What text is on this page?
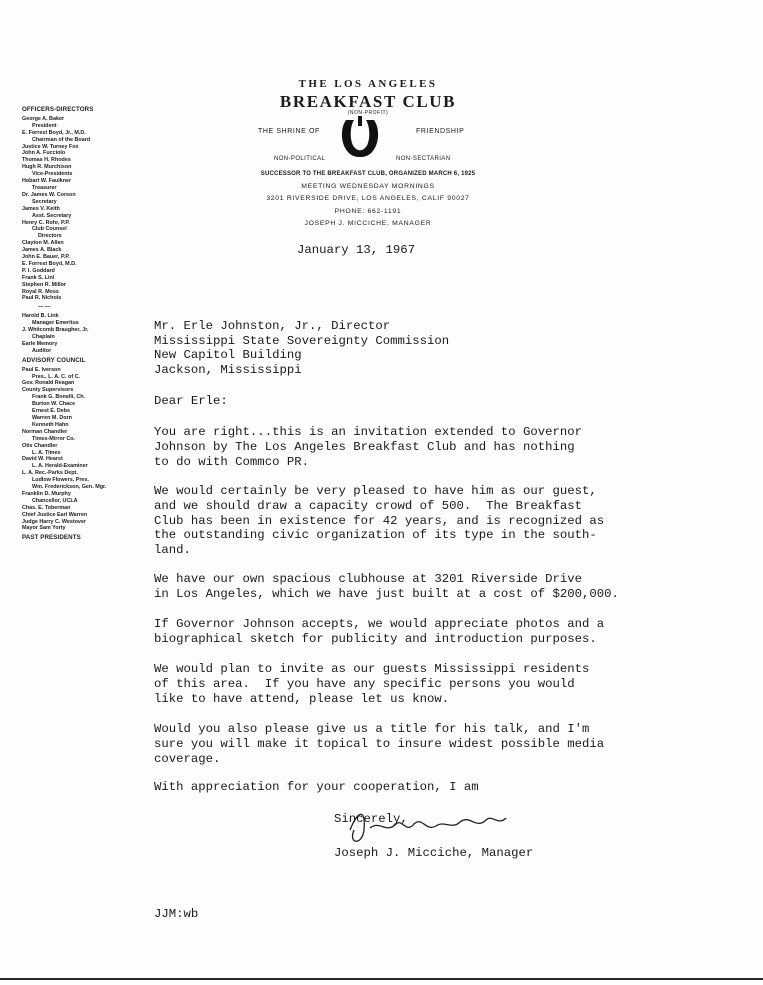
OFFICERS-DIRECTORS
George A. Baker
President
E. Forrest Boyd, Jr., M.D.
Chairman of the Board
Justice W. Turney Fox
John A. Fucciolo
Thomas H. Rhodes
Hugh R. Murchison
Vice-Presidents
Hobart W. Faulkner
Treasurer
Dr. James W. Corson
Secretary
James V. Keith
Asst. Secretary
Henry C. Rohr, P.P.
Club Counsel
Directors
Clayton M. Allen
James A. Black
John E. Bauer, P.P.
E. Forrest Boyd, M.D.
P. I. Goddard
Frank S. Linl
Stephen R. Millor
Royal R. Moss
Paul R. Nichols
— —
Harold B. Link
Manager Emeritus
J. Whitcomb Braugher, Jr.
Chaplain
Earle Memory
Auditor
ADVISORY COUNCIL
Paul E. Iverson
Pres., L. A. C. of C.
Gov. Ronald Reagan
County Supervisors
Frank G. Bonelli, Ch.
Burton W. Chace
Ernest E. Debs
Warren M. Dorn
Kenneth Hahn
Norman Chandler
Times-Mirror Co.
Otis Chandler
L. A. Times
David W. Hearst
L. A. Herald-Examiner
L. A. Rec.-Parks Dept.
Ludlow Flowers, Pres.
Wm. Frederickson, Gen. Mgr.
Franklin D. Murphy
Chancellor, UCLA
Chas. E. Toberman
Chief Justice Earl Warren
Judge Harry C. Westover
Mayor Sam Yorty
PAST PRESIDENTS
THE LOS ANGELES
BREAKFAST CLUB
(NON-PROFIT)
THE SHRINE OF	FRIENDSHIP
NON-POLITICAL	NON-SECTARIAN
SUCCESSOR TO THE BREAKFAST CLUB, ORGANIZED MARCH 6, 1925
MEETING WEDNESDAY MORNINGS
3201 RIVERSIDE DRIVE, LOS ANGELES, CALIF 90027
PHONE: 662-1191
JOSEPH J. MICCICHE, MANAGER
January 13, 1967
Mr. Erle Johnston, Jr., Director
Mississippi State Sovereignty Commission
New Capitol Building
Jackson, Mississippi
Dear Erle:
You are right...this is an invitation extended to Governor
Johnson by The Los Angeles Breakfast Club and has nothing
to do with Commco PR.
We would certainly be very pleased to have him as our guest,
and we should draw a capacity crowd of 500.  The Breakfast
Club has been in existence for 42 years, and is recognized as
the outstanding civic organization of its type in the south-
land.
We have our own spacious clubhouse at 3201 Riverside Drive
in Los Angeles, which we have just built at a cost of $200,000.
If Governor Johnson accepts, we would appreciate photos and a
biographical sketch for publicity and introduction purposes.
We would plan to invite as our guests Mississippi residents
of this area.  If you have any specific persons you would
like to have attend, please let us know.
Would you also please give us a title for his talk, and I'm
sure you will make it topical to insure widest possible media
coverage.
With appreciation for your cooperation, I am
Sincerely,
Joseph J. Micciche, Manager
JJM:wb
